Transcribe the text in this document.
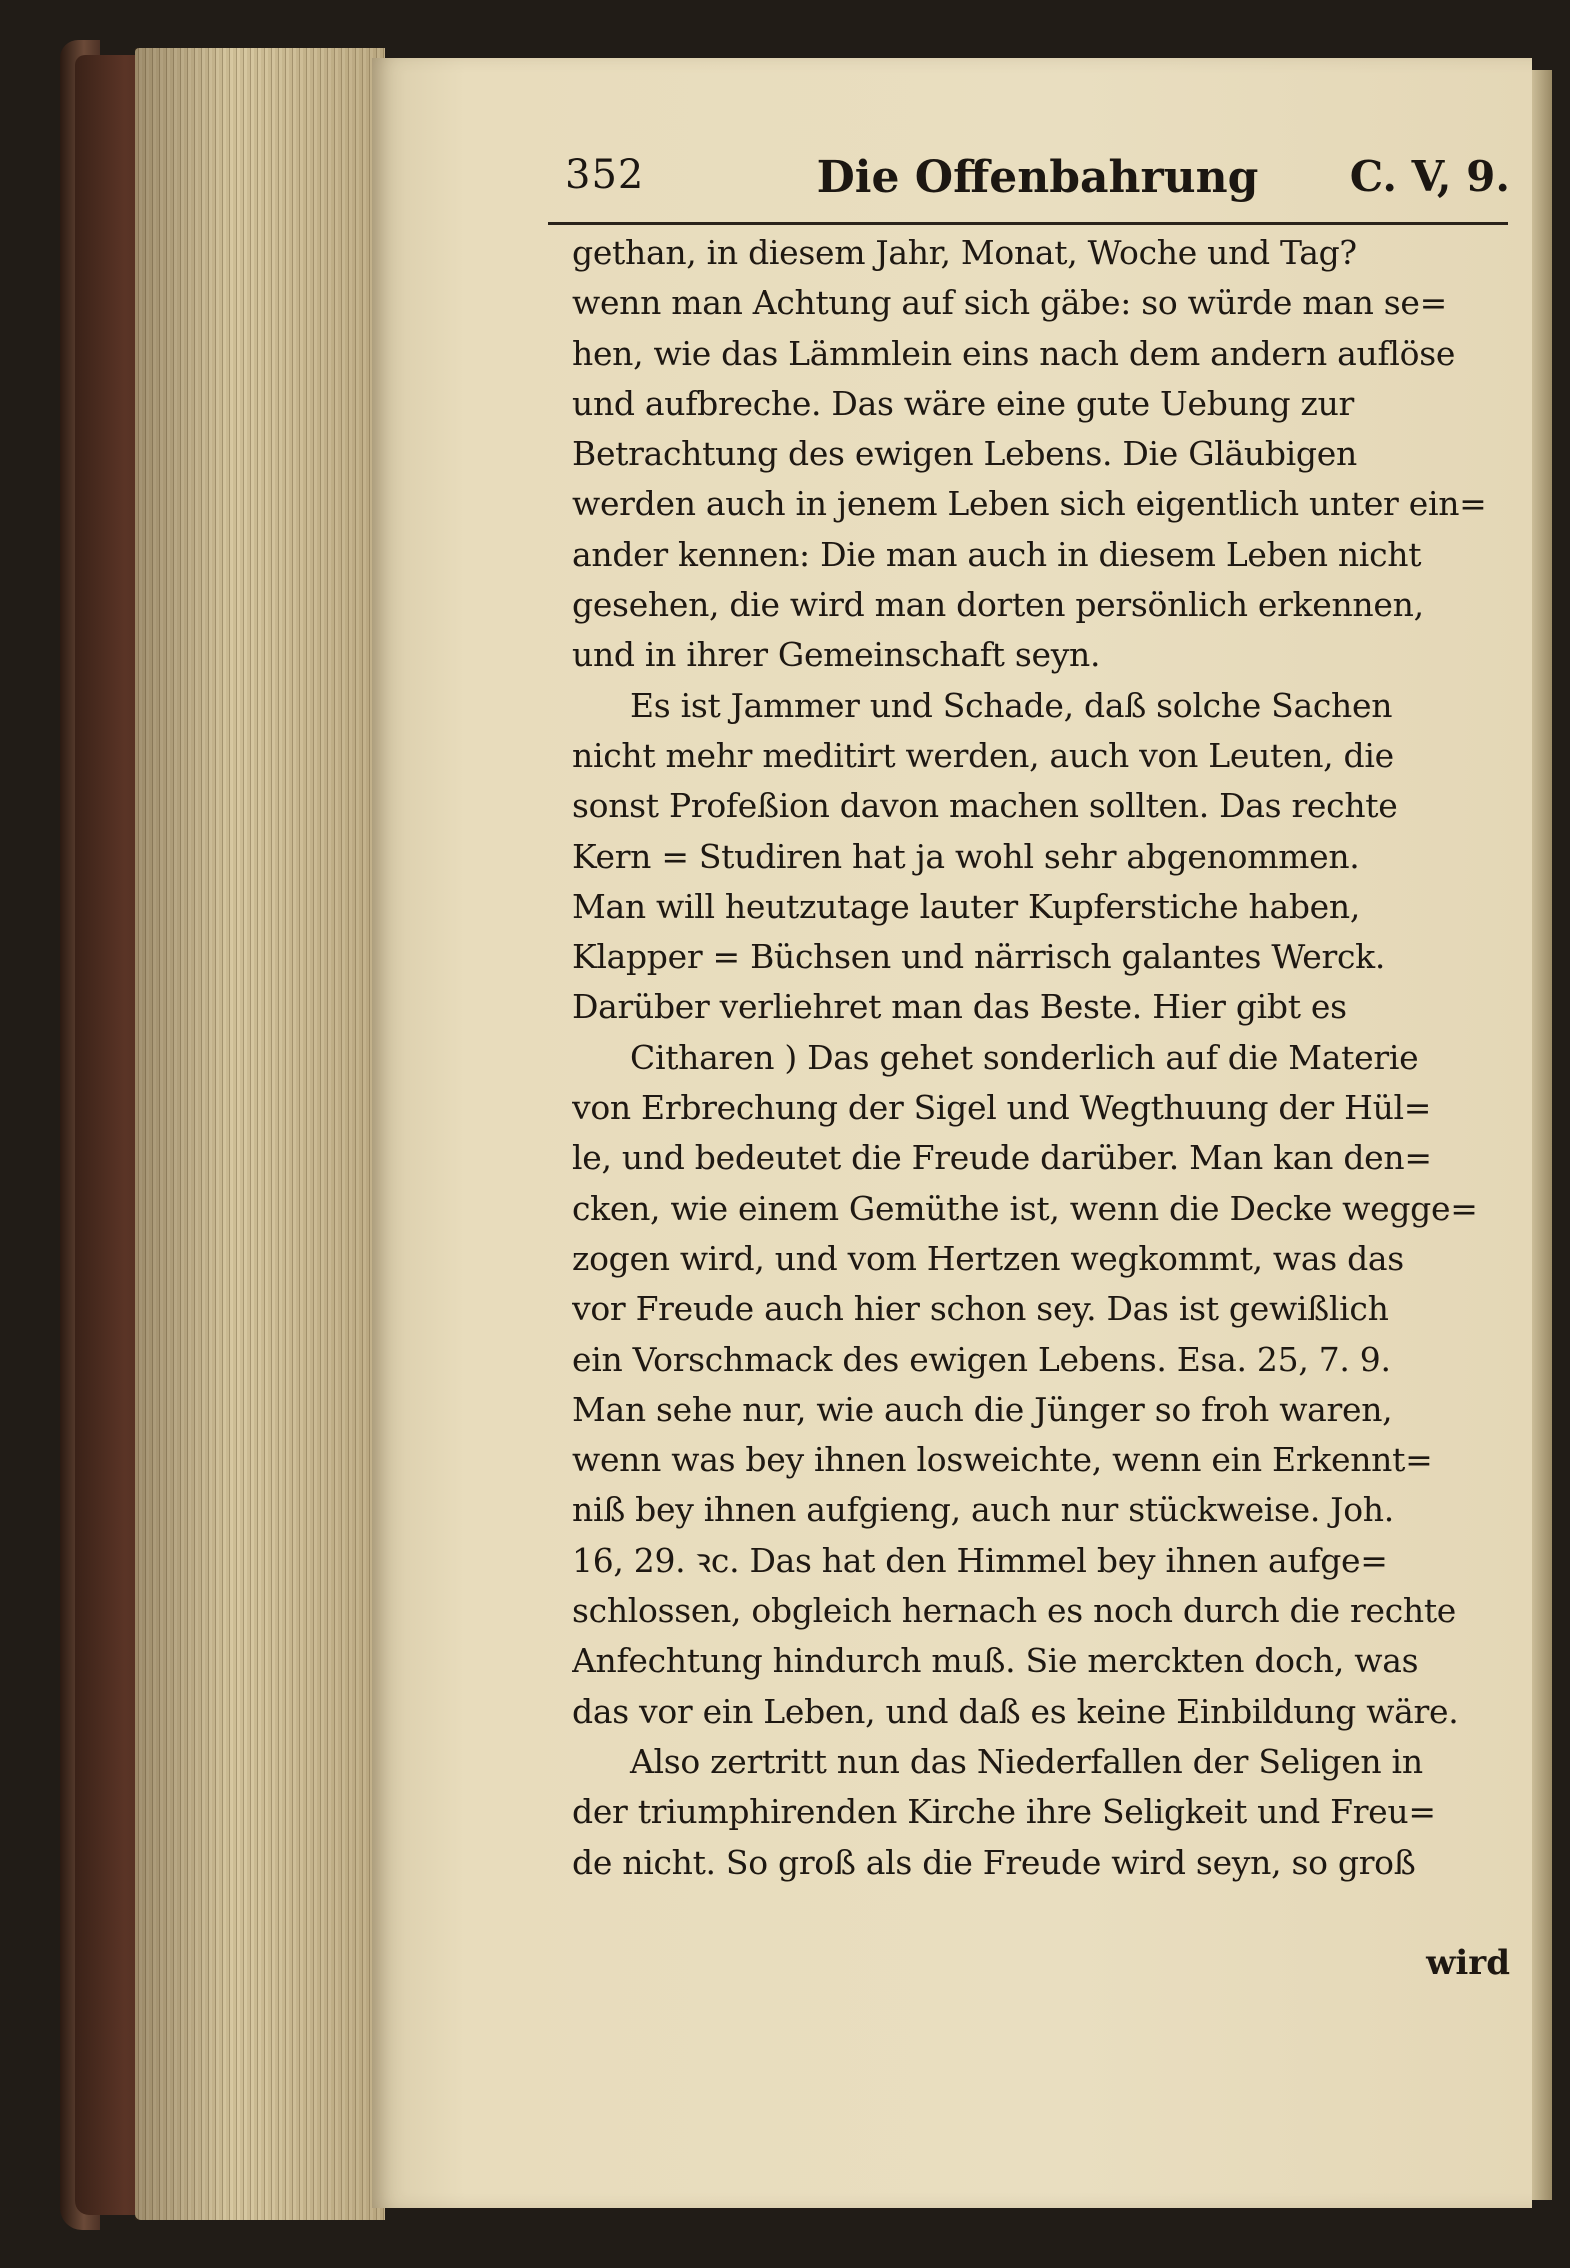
352	Die Offenbahrung	C. V, 9.
gethan, in diesem Jahr, Monat, Woche und Tag?
wenn man Achtung auf sich gäbe: so würde man se=
hen, wie das Lämmlein eins nach dem andern auflöse
und aufbreche. Das wäre eine gute Uebung zur
Betrachtung des ewigen Lebens. Die Gläubigen
werden auch in jenem Leben sich eigentlich unter ein=
ander kennen: Die man auch in diesem Leben nicht
gesehen, die wird man dorten persönlich erkennen,
und in ihrer Gemeinschaft seyn.
Es ist Jammer und Schade, daß solche Sachen
nicht mehr meditirt werden, auch von Leuten, die
sonst Profeßion davon machen sollten. Das rechte
Kern = Studiren hat ja wohl sehr abgenommen.
Man will heutzutage lauter Kupferstiche haben,
Klapper = Büchsen und närrisch galantes Werck.
Darüber verliehret man das Beste. Hier gibt es
Citharen ) Das gehet sonderlich auf die Materie
von Erbrechung der Sigel und Wegthuung der Hül=
le, und bedeutet die Freude darüber. Man kan den=
cken, wie einem Gemüthe ist, wenn die Decke wegge=
zogen wird, und vom Hertzen wegkommt, was das
vor Freude auch hier schon sey. Das ist gewißlich
ein Vorschmack des ewigen Lebens. Esa. 25, 7. 9.
Man sehe nur, wie auch die Jünger so froh waren,
wenn was bey ihnen losweichte, wenn ein Erkennt=
niß bey ihnen aufgieng, auch nur stückweise. Joh.
16, 29. ꝛc. Das hat den Himmel bey ihnen aufge=
schlossen, obgleich hernach es noch durch die rechte
Anfechtung hindurch muß. Sie merckten doch, was
das vor ein Leben, und daß es keine Einbildung wäre.
Also zertritt nun das Niederfallen der Seligen in
der triumphirenden Kirche ihre Seligkeit und Freu=
de nicht. So groß als die Freude wird seyn, so groß
wird
